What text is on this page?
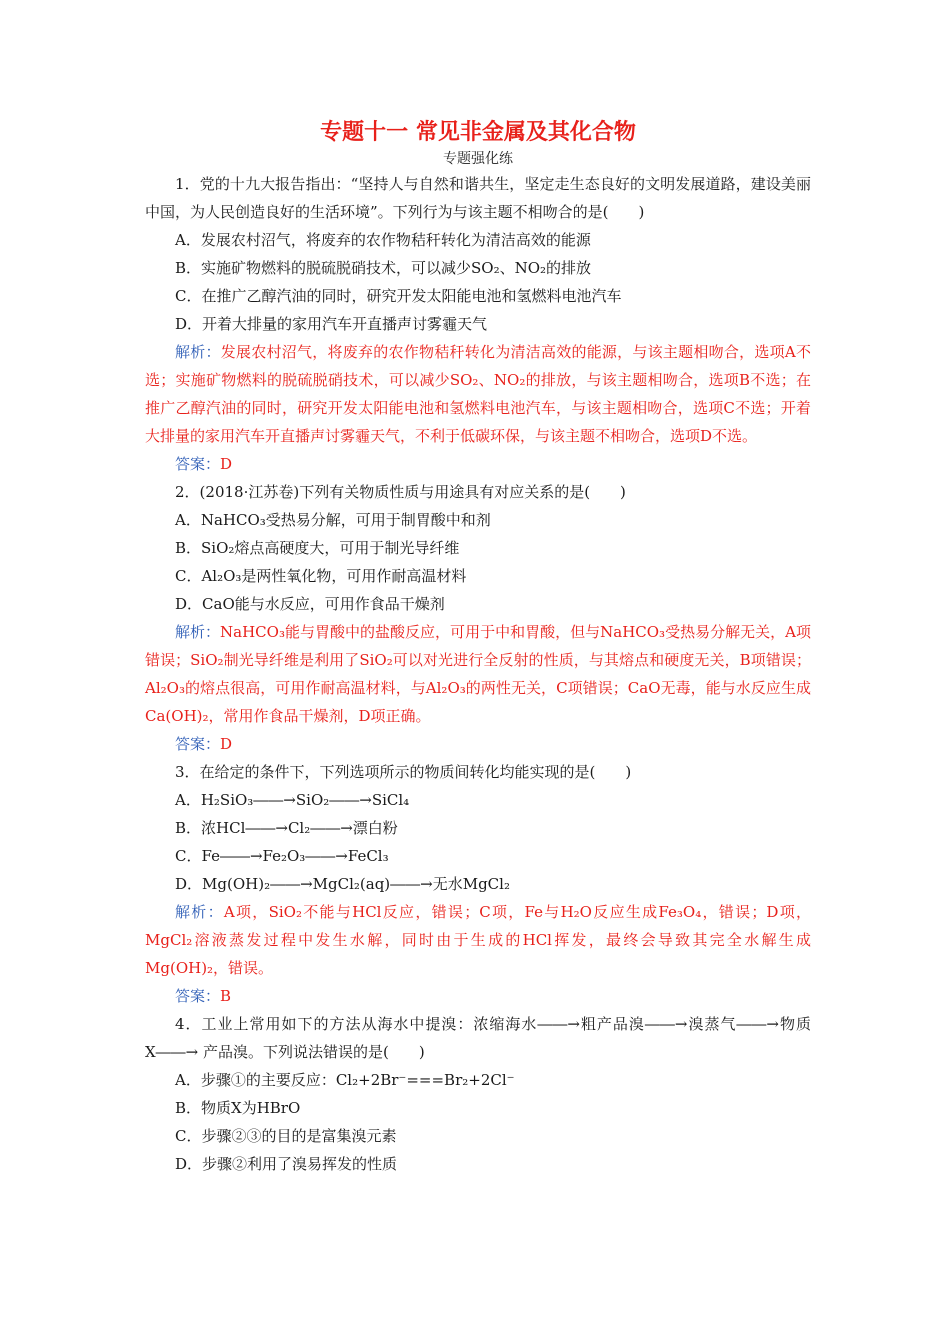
专题十一 常见非金属及其化合物

专题强化练

1．党的十九大报告指出：“坚持人与自然和谐共生，坚定走生态良好的文明发展道路，建设美丽中国，为人民创造良好的生活环境”。下列行为与该主题不相吻合的是(　　)

A．发展农村沼气，将废弃的农作物秸秆转化为清洁高效的能源

B．实施矿物燃料的脱硫脱硝技术，可以减少SO₂、NO₂的排放

C．在推广乙醇汽油的同时，研究开发太阳能电池和氢燃料电池汽车

D．开着大排量的家用汽车开直播声讨雾霾天气

解析：发展农村沼气，将废弃的农作物秸秆转化为清洁高效的能源，与该主题相吻合，选项A不选；实施矿物燃料的脱硫脱硝技术，可以减少SO₂、NO₂的排放，与该主题相吻合，选项B不选；在推广乙醇汽油的同时，研究开发太阳能电池和氢燃料电池汽车，与该主题相吻合，选项C不选；开着大排量的家用汽车开直播声讨雾霾天气，不利于低碳环保，与该主题不相吻合，选项D不选。

答案：D

2．(2018·江苏卷)下列有关物质性质与用途具有对应关系的是(　　)

A．NaHCO₃受热易分解，可用于制胃酸中和剂

B．SiO₂熔点高硬度大，可用于制光导纤维

C．Al₂O₃是两性氧化物，可用作耐高温材料

D．CaO能与水反应，可用作食品干燥剂

解析：NaHCO₃能与胃酸中的盐酸反应，可用于中和胃酸，但与NaHCO₃受热易分解无关，A项错误；SiO₂制光导纤维是利用了SiO₂可以对光进行全反射的性质，与其熔点和硬度无关，B项错误；Al₂O₃的熔点很高，可用作耐高温材料，与Al₂O₃的两性无关，C项错误；CaO无毒，能与水反应生成Ca(OH)₂，常用作食品干燥剂，D项正确。

答案：D

3．在给定的条件下，下列选项所示的物质间转化均能实现的是(　　)

A．H₂SiO₃――→SiO₂――→SiCl₄

B．浓HCl――→Cl₂――→漂白粉

C．Fe――→Fe₂O₃――→FeCl₃

D．Mg(OH)₂――→MgCl₂(aq)――→无水MgCl₂

解析：A项，SiO₂不能与HCl反应，错误；C项，Fe与H₂O反应生成Fe₃O₄，错误；D项，MgCl₂溶液蒸发过程中发生水解，同时由于生成的HCl挥发，最终会导致其完全水解生成Mg(OH)₂，错误。

答案：B

4．工业上常用如下的方法从海水中提溴：浓缩海水――→粗产品溴――→溴蒸气――→物质X――→ 产品溴。下列说法错误的是(　　)

A．步骤①的主要反应：Cl₂+2Br⁻===Br₂+2Cl⁻

B．物质X为HBrO

C．步骤②③的目的是富集溴元素

D．步骤②利用了溴易挥发的性质
